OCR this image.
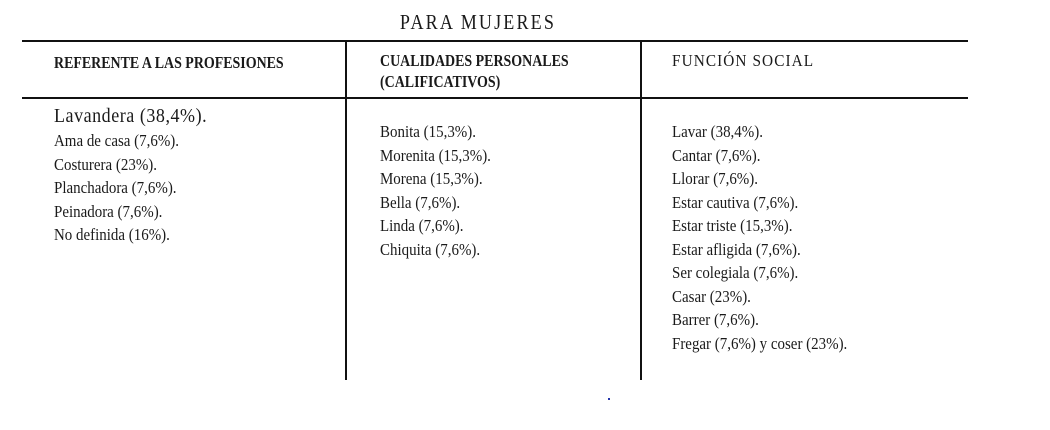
PARA MUJERES
REFERENTE A LAS PROFESIONES	CUALIDADES PERSONALES
(CALIFICATIVOS)
FUNCIÓN SOCIAL
Lavandera (38,4%).
Ama de casa (7,6%).
Costurera (23%).
Planchadora (7,6%).
Peinadora (7,6%).
No definida (16%).
Bonita (15,3%).
Morenita (15,3%).
Morena (15,3%).
Bella (7,6%).
Linda (7,6%).
Chiquita (7,6%).
Lavar (38,4%).
Cantar (7,6%).
Llorar (7,6%).
Estar cautiva (7,6%).
Estar triste (15,3%).
Estar afligida (7,6%).
Ser colegiala (7,6%).
Casar (23%).
Barrer (7,6%).
Fregar (7,6%) y coser (23%).
